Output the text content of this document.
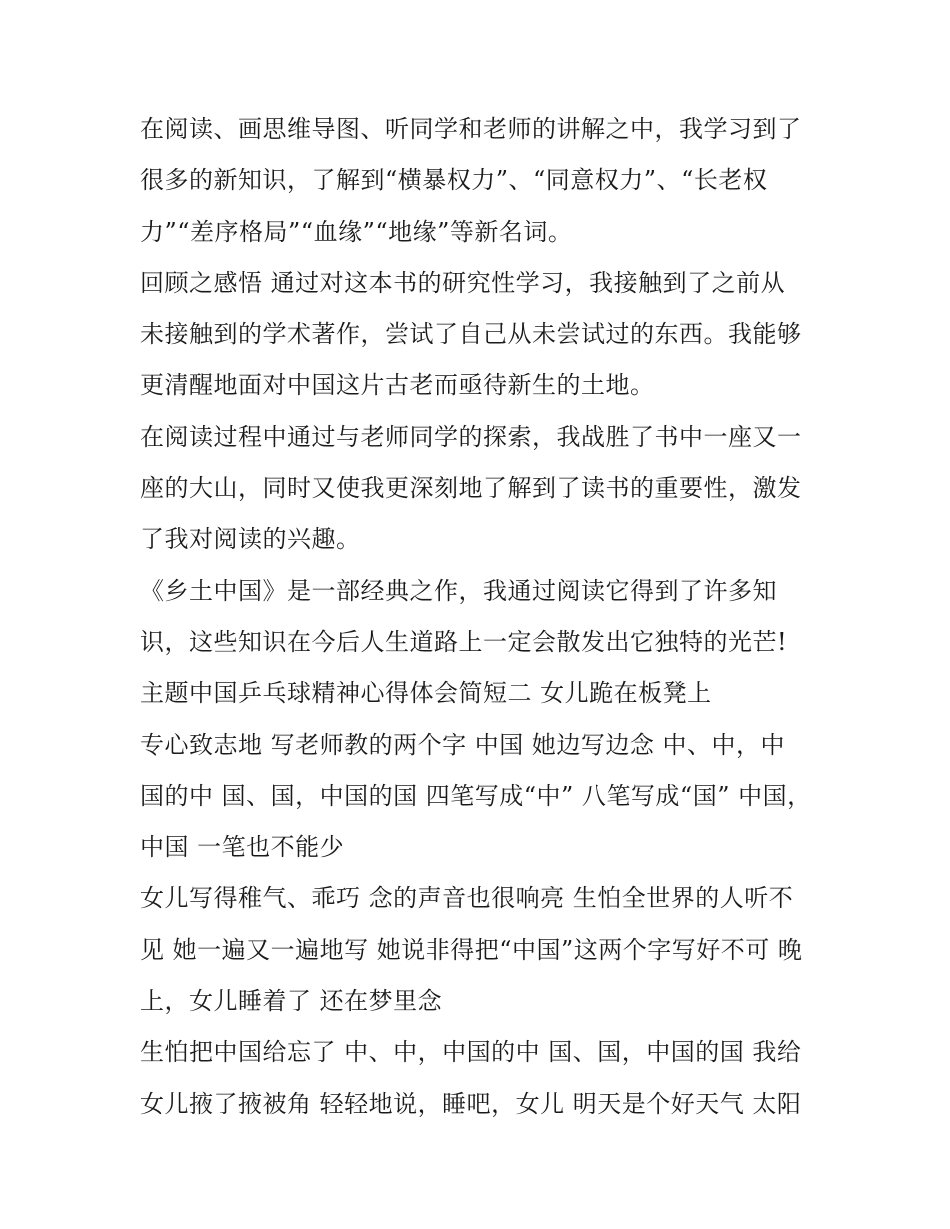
在阅读、画思维导图、听同学和老师的讲解之中，我学习到了
很多的新知识，了解到“横暴权力”、“同意权力”、“长老权
力”“差序格局”“血缘”“地缘”等新名词。
回顾之感悟 通过对这本书的研究性学习，我接触到了之前从
未接触到的学术著作，尝试了自己从未尝试过的东西。我能够
更清醒地面对中国这片古老而亟待新生的土地。
在阅读过程中通过与老师同学的探索，我战胜了书中一座又一
座的大山，同时又使我更深刻地了解到了读书的重要性，激发
了我对阅读的兴趣。
《乡土中国》是一部经典之作，我通过阅读它得到了许多知
识，这些知识在今后人生道路上一定会散发出它独特的光芒!
主题中国乒乓球精神心得体会简短二 女儿跪在板凳上
专心致志地 写老师教的两个字 中国 她边写边念 中、中，中
国的中 国、国，中国的国 四笔写成“中” 八笔写成“国” 中国，
中国 一笔也不能少
女儿写得稚气、乖巧 念的声音也很响亮 生怕全世界的人听不
见 她一遍又一遍地写 她说非得把“中国”这两个字写好不可 晚
上，女儿睡着了 还在梦里念
生怕把中国给忘了 中、中，中国的中 国、国，中国的国 我给
女儿掖了掖被角 轻轻地说，睡吧，女儿 明天是个好天气 太阳
